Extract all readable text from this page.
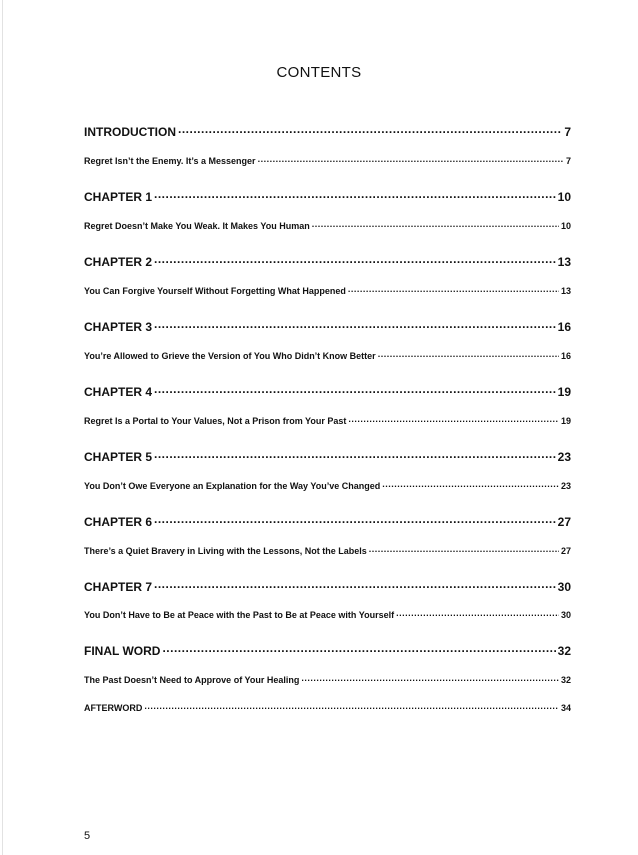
CONTENTS
INTRODUCTION .....	7
Regret Isn’t the Enemy. It’s a Messenger .....	7
CHAPTER 1 .....	10
Regret Doesn’t Make You Weak. It Makes You Human .....	10
CHAPTER 2 .....	13
You Can Forgive Yourself Without Forgetting What Happened .....	13
CHAPTER 3 .....	16
You’re Allowed to Grieve the Version of You Who Didn’t Know Better .....	16
CHAPTER 4 .....	19
Regret Is a Portal to Your Values, Not a Prison from Your Past .....	19
CHAPTER 5 .....	23
You Don’t Owe Everyone an Explanation for the Way You’ve Changed .....	23
CHAPTER 6 .....	27
There’s a Quiet Bravery in Living with the Lessons, Not the Labels .....	27
CHAPTER 7 .....	30
You Don’t Have to Be at Peace with the Past to Be at Peace with Yourself .....	30
FINAL WORD .....	32
The Past Doesn’t Need to Approve of Your Healing .....	32
AFTERWORD .....	34
5
